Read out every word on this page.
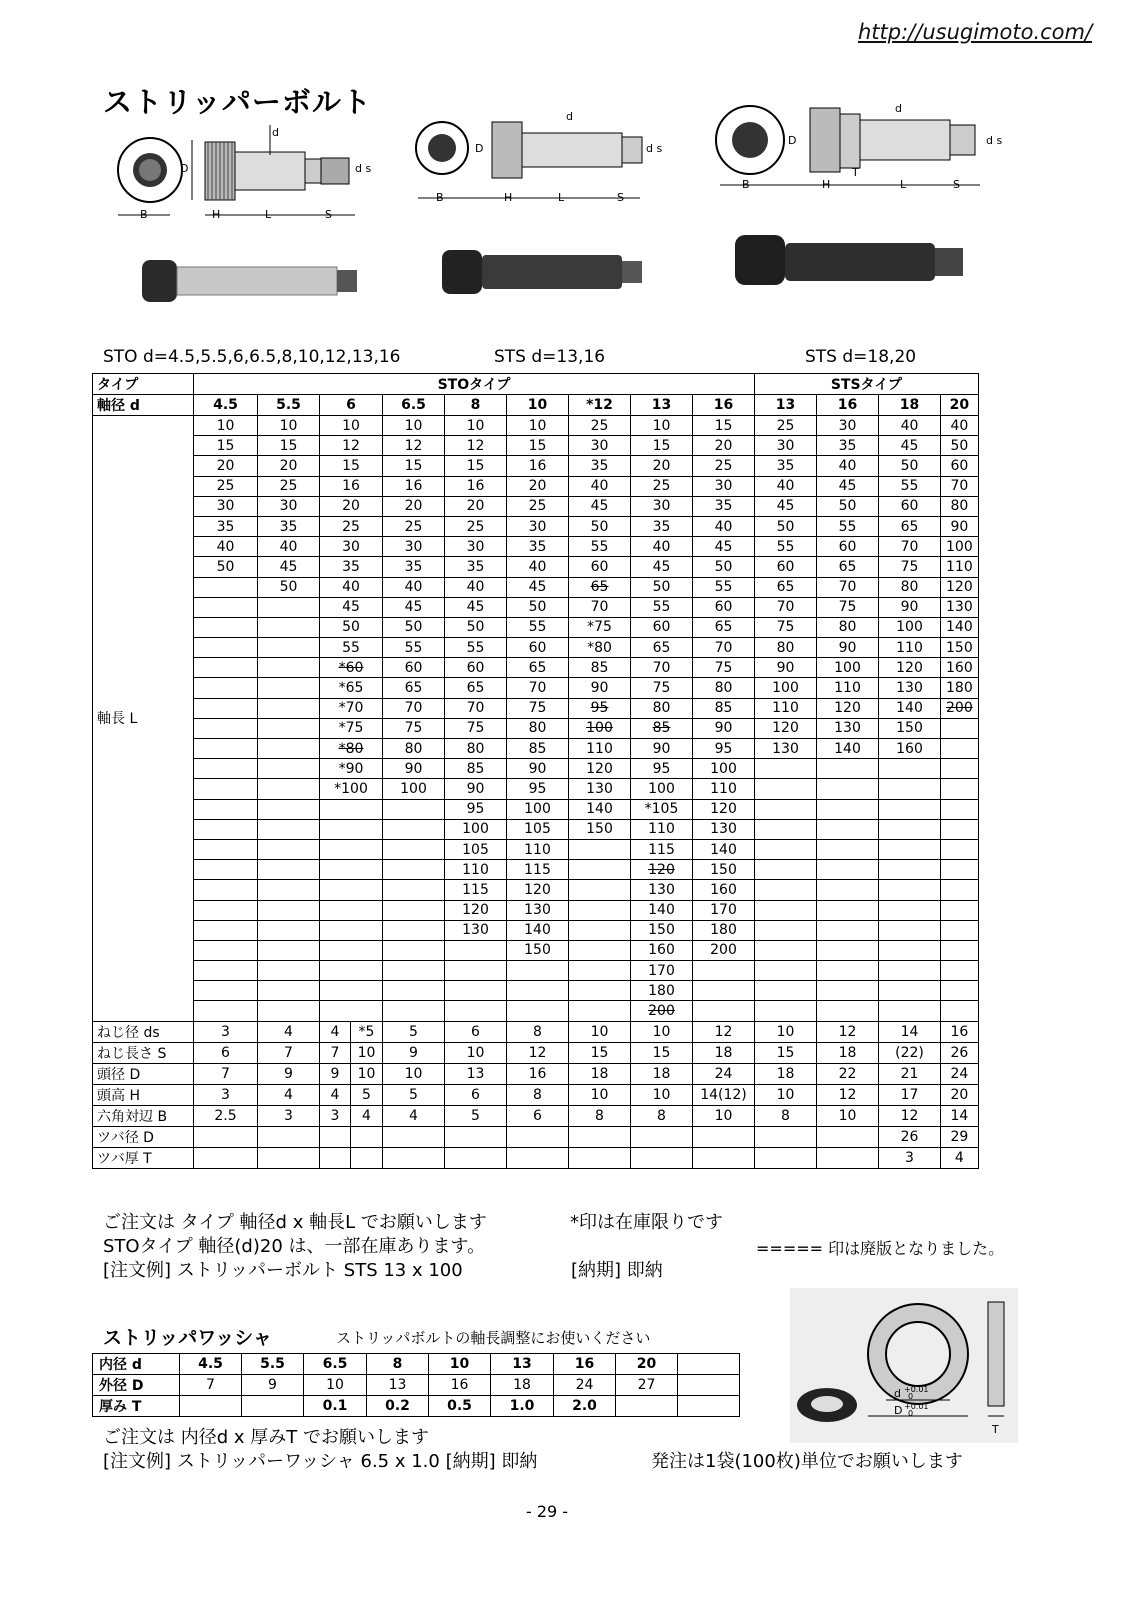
http://usugimoto.com/
ストリッパーボルト
d
D	d s
B	H	L	S
D
d
d s
B	H	L	S
D
d
d s
T
B	H	L	S
STO d=4.5,5.5,6,6.5,8,10,12,13,16	STS d=13,16	STS d=18,20
タイプ	STOタイプ										STSタイプ			
軸径 d	4.5	5.5	6		6.5	8	10	*12	13	16	13	16	18	20
軸長 L	10	10	10		10	10	10	25	10	15	25	30	40	40
	15	15	12		12	12	15	30	15	20	30	35	45	50
	20	20	15		15	15	16	35	20	25	35	40	50	60
	25	25	16		16	16	20	40	25	30	40	45	55	70
	30	30	20		20	20	25	45	30	35	45	50	60	80
	35	35	25		25	25	30	50	35	40	50	55	65	90
	40	40	30		30	30	35	55	40	45	55	60	70	100
	50	45	35		35	35	40	60	45	50	60	65	75	110
		50	40		40	40	45	65	50	55	65	70	80	120
			45		45	45	50	70	55	60	70	75	90	130
			50		50	50	55	*75	60	65	75	80	100	140
			55		55	55	60	*80	65	70	80	90	110	150
			*60		60	60	65	85	70	75	90	100	120	160
			*65		65	65	70	90	75	80	100	110	130	180
			*70		70	70	75	95	80	85	110	120	140	200
			*75		75	75	80	100	85	90	120	130	150	
			*80		80	80	85	110	90	95	130	140	160	
			*90		90	85	90	120	95	100				
			*100		100	90	95	130	100	110				
						95	100	140	*105	120				
						100	105	150	110	130				
						105	110		115	140				
						110	115		120	150				
						115	120		130	160				
						120	130		140	170				
						130	140		150	180				
							150		160	200				
									170					
									180					
									200					
ねじ径 ds	3	4	4	*5	5	6	8	10	10	12	10	12	14	16
ねじ長さ S	6	7	7	10	9	10	12	15	15	18	15	18	(22)	26
頭径 D	7	9	9	10	10	13	16	18	18	24	18	22	21	24
頭高 H	3	4	4	5	5	6	8	10	10	14(12)	10	12	17	20
六角対辺 B	2.5	3	3	4	4	5	6	8	8	10	8	10	12	14
ツバ径 D													26	29
ツバ厚 T													3	4
ご注文は タイプ 軸径d x 軸長L でお願いします	*印は在庫限りです
STOタイプ 軸径(d)20 は、一部在庫あります。	===== 印は廃版となりました。
[注文例] ストリッパーボルト STS 13 x 100	[納期] 即納
ストリッパワッシャ	ストリッパボルトの軸長調整にお使いください
内径 d	4.5	5.5	6.5	8	10	13	16	20	
外径 D	7	9	10	13	16	18	24	27	
厚み T			0.1	0.2	0.5	1.0	2.0		
ご注文は 内径d x 厚みT でお願いします
[注文例] ストリッパーワッシャ 6.5 x 1.0 [納期] 即納	発注は1袋(100枚)単位でお願いします
d +0.01
0
D +0.01
0
T
- 29 -
